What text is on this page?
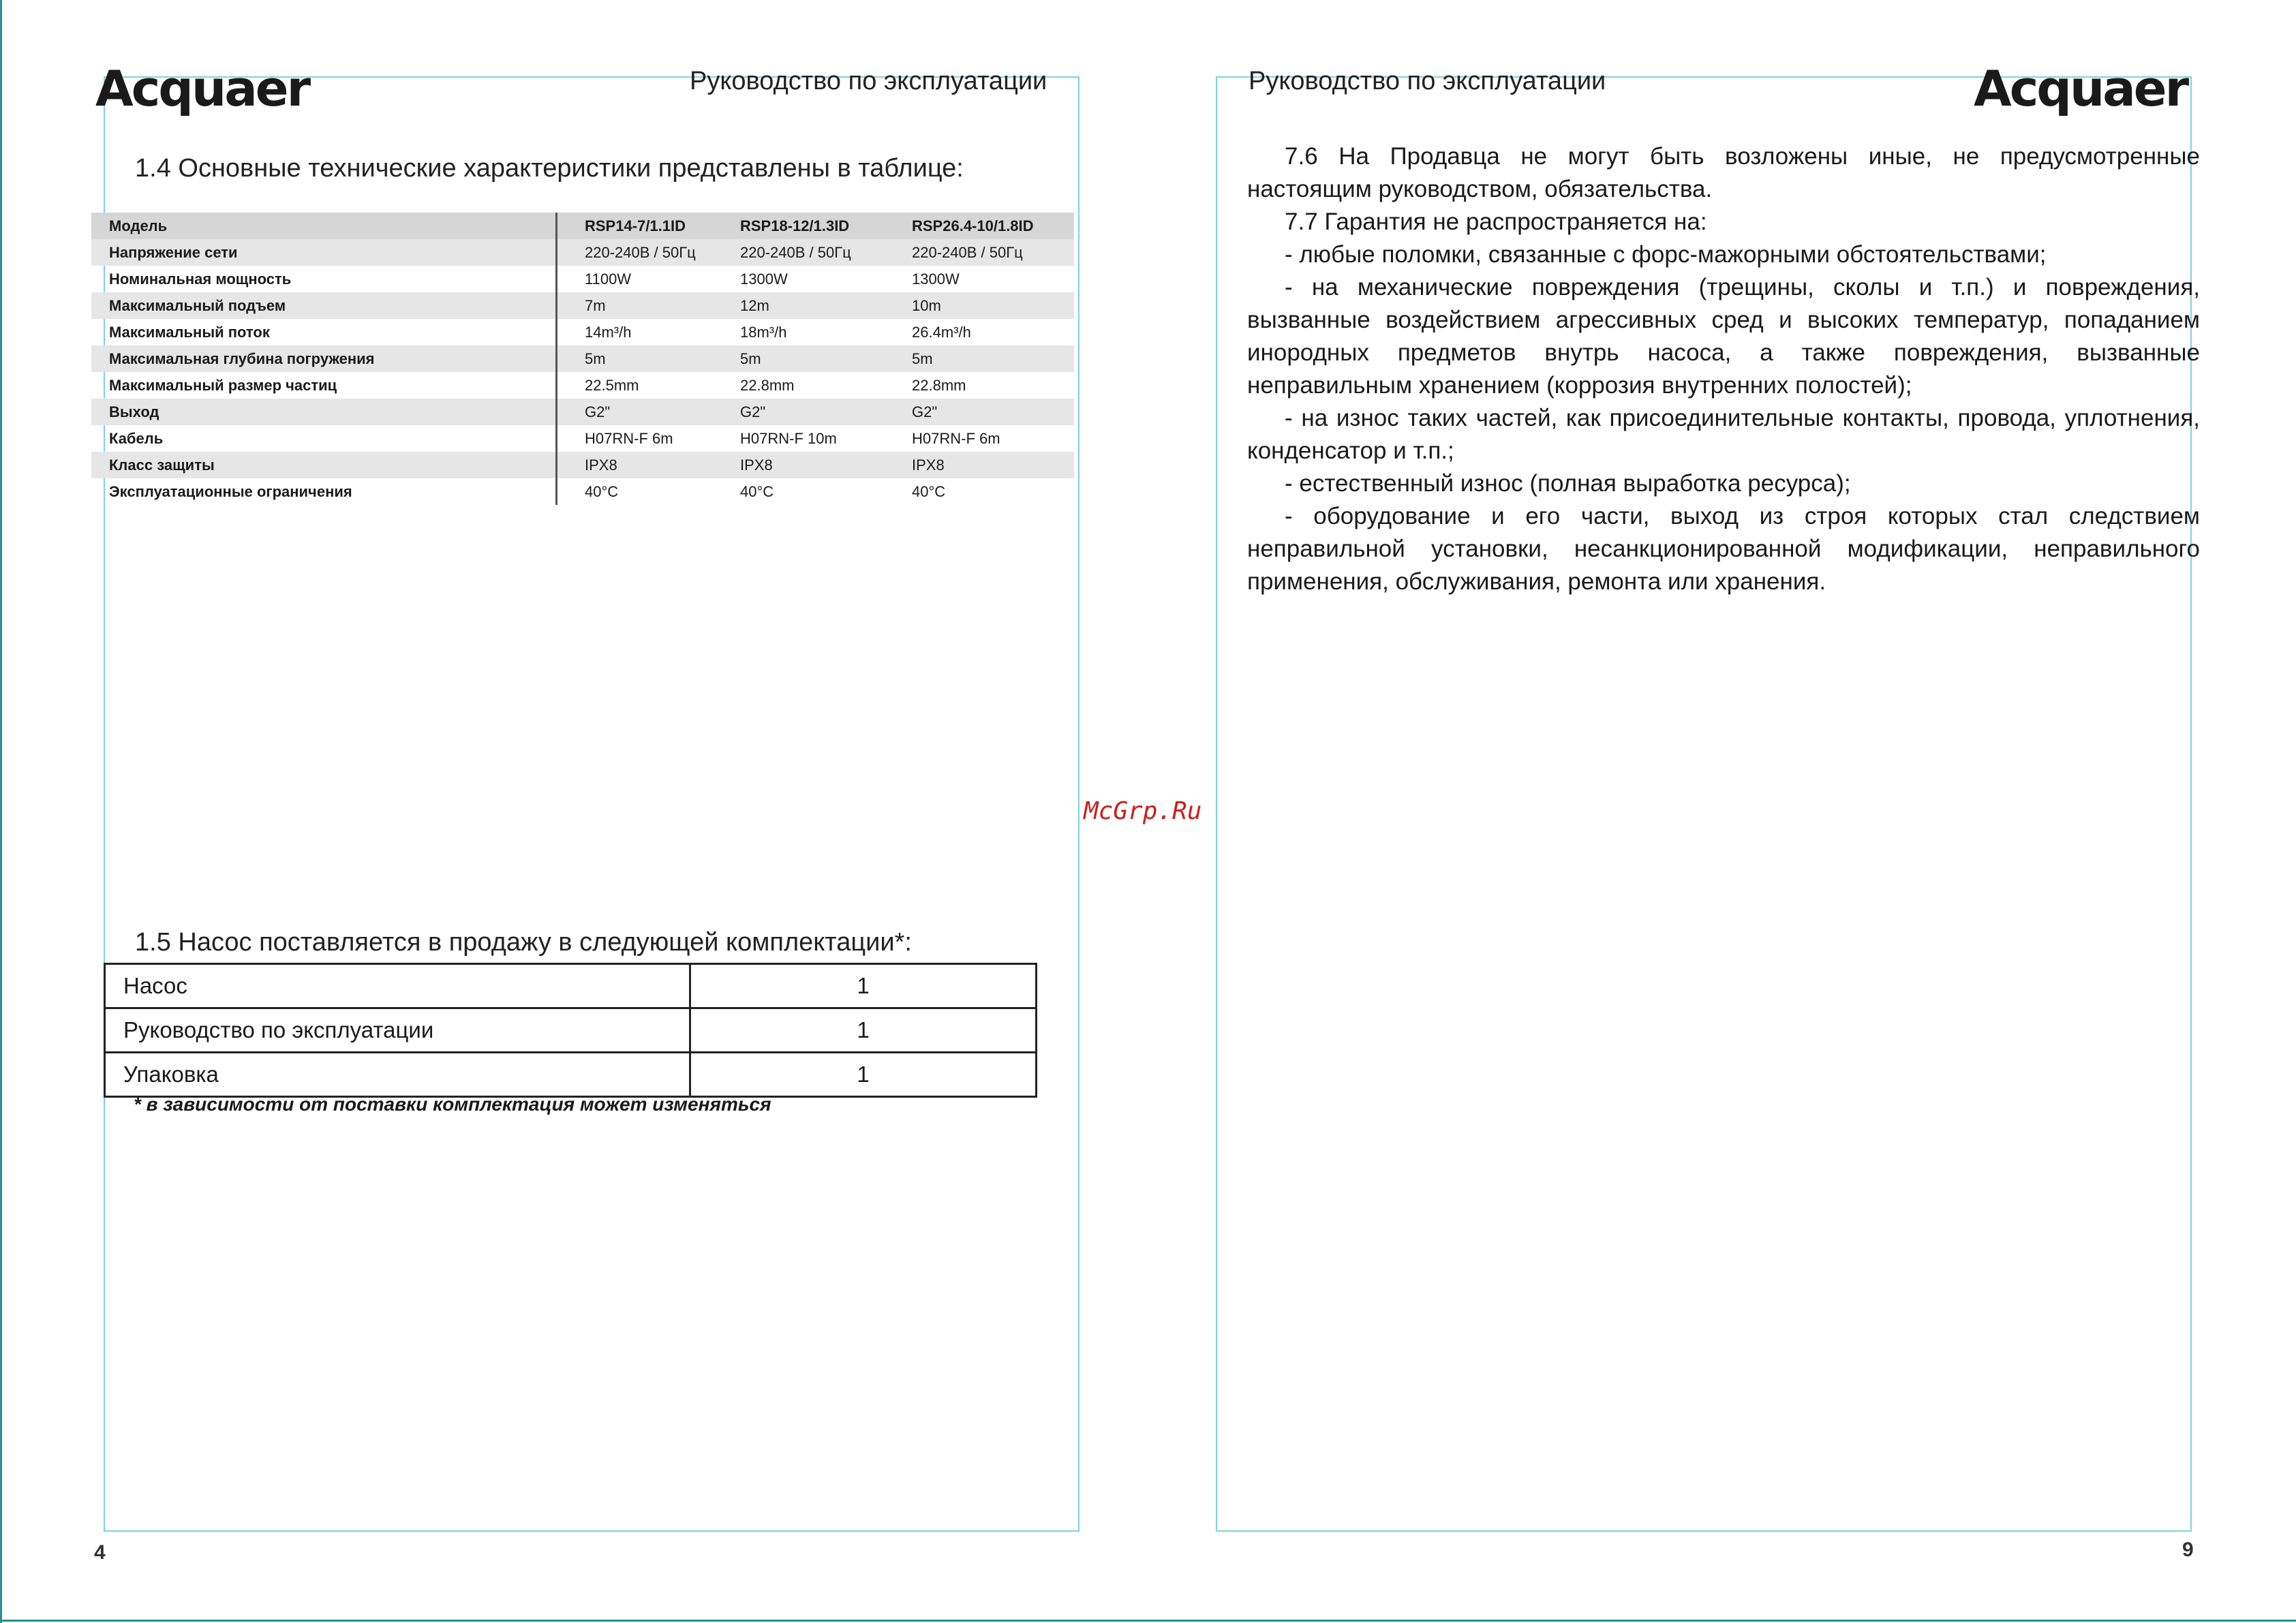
Acquaer	Руководство по эксплуатации
1.4 Основные технические характеристики представлены в таблице:
Модель	RSP14-7/1.1ID	RSP18-12/1.3ID	RSP26.4-10/1.8ID
Напряжение сети	220-240В / 50Гц	220-240В / 50Гц	220-240В / 50Гц
Номинальная мощность	1100W	1300W	1300W
Максимальный подъем	7m	12m	10m
Максимальный поток	14m³/h	18m³/h	26.4m³/h
Максимальная глубина погружения	5m	5m	5m
Максимальный размер частиц	22.5mm	22.8mm	22.8mm
Выход	G2"	G2"	G2"
Кабель	H07RN-F 6m	H07RN-F 10m	H07RN-F 6m
Класс защиты	IPX8	IPX8	IPX8
Эксплуатационные ограничения	40°C	40°C	40°C
1.5 Насос поставляется в продажу в следующей комплектации*:
Насос	1
Руководство по эксплуатации	1
Упаковка	1
* в зависимости от поставки комплектация может изменяться
4
McGrp.Ru
Руководство по эксплуатации	Acquaer

7.6 На Продавца не могут быть возложены иные, не предусмотренные настоящим руководством, обязательства.

7.7 Гарантия не распространяется на:

- любые поломки, связанные с форс-мажорными обстоятельствами;

- на механические повреждения (трещины, сколы и т.п.) и повреждения, вызванные воздействием агрессивных сред и высоких температур, попаданием инородных предметов внутрь насоса, а также повреждения, вызванные неправильным хранением (коррозия внутренних полостей);

- на износ таких частей, как присоединительные контакты, провода, уплотнения, конденсатор и т.п.;

- естественный износ (полная выработка ресурса);

- оборудование и его части, выход из строя которых стал следствием неправильной установки, несанкционированной модификации, неправильного применения, обслуживания, ремонта или хранения.

9
